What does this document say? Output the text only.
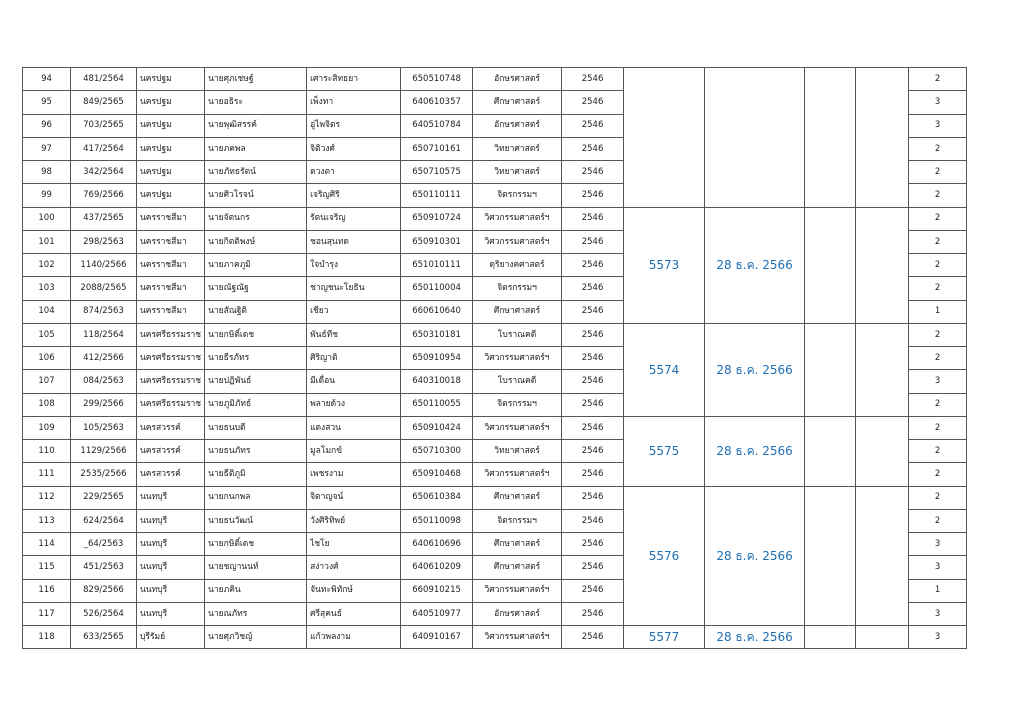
94	481/2564	นครปฐม	นายศุภเชษฐ์	เศาระสิทธยา	650510748	อักษรศาสตร์	2546					2
95	849/2565	นครปฐม	นายอธิระ	เพ็งทา	640610357	ศึกษาศาสตร์	2546					3
96	703/2565	นครปฐม	นายพุฒิสรรค์	อู่ไพจิตร	640510784	อักษรศาสตร์	2546					3
97	417/2564	นครปฐม	นายภคพล	จิติวงศ์	650710161	วิทยาศาสตร์	2546					2
98	342/2564	นครปฐม	นายภัทธรัตน์	ดวงตา	650710575	วิทยาศาสตร์	2546					2
99	769/2566	นครปฐม	นายศิวโรจน์	เจริญศิริ	650110111	จิตรกรรมฯ	2546					2
100	437/2565	นครราชสีมา	นายจัตนกร	รัตนเจริญ	650910724	วิศวกรรมศาสตร์ฯ	2546	5573	28 ธ.ค. 2566			2
101	298/2563	นครราชสีมา	นายกิตติพงษ์	ชอนสุนทด	650910301	วิศวกรรมศาสตร์ฯ	2546					2
102	1140/2566	นครราชสีมา	นายภาคภูมิ	ใจบำรุง	651010111	ดุริยางคศาสตร์	2546					2
103	2088/2565	นครราชสีมา	นายณัฐณัฐ	ชาญชนะโยธิน	650110004	จิตรกรรมฯ	2546					2
104	874/2563	นครราชสีมา	นายสัณฐิติ	เชียว	660610640	ศึกษาศาสตร์	2546					1
105	118/2564	นครศรีธรรมราช	นายกษิติ์เดช	พันธ์ทีช	650310181	โบราณคดี	2546	5574	28 ธ.ค. 2566			2
106	412/2566	นครศรีธรรมราช	นายธีรภัทร	ศิริญาติ	650910954	วิศวกรรมศาสตร์ฯ	2546					2
107	084/2563	นครศรีธรรมราช	นายปฏิพันธ์	มีเดื่อน	640310018	โบราณคดี	2546					3
108	299/2566	นครศรีธรรมราช	นายภูมิภัทธ์	พลายด้วง	650110055	จิตรกรรมฯ	2546					2
109	105/2563	นครสวรรค์	นายธนบดี	แตงสวน	650910424	วิศวกรรมศาสตร์ฯ	2546	5575	28 ธ.ค. 2566			2
110	1129/2566	นครสวรรค์	นายธนภัทร	มูลโมกข์	650710300	วิทยาศาสตร์	2546					2
111	2535/2566	นครสวรรค์	นายธีติภูมิ	เพชรงาม	650910468	วิศวกรรมศาสตร์ฯ	2546					2
112	229/2565	นนทบุรี	นายกนกพล	จิตาญจน์	650610384	ศึกษาศาสตร์	2546	5576	28 ธ.ค. 2566			2
113	624/2564	นนทบุรี	นายธนวัฒน์	วังศิริทิพย์	650110098	จิตรกรรมฯ	2546					2
114	_64/2563	นนทบุรี	นายกษิติ์เดช	ไชโย	640610696	ศึกษาศาสตร์	2546					3
115	451/2563	นนทบุรี	นายชญานนท์	สง่าวงศ์	640610209	ศึกษาศาสตร์	2546					3
116	829/2566	นนทบุรี	นายภคิน	จันทะพิทักษ์	660910215	วิศวกรรมศาสตร์ฯ	2546					1
117	526/2564	นนทบุรี	นายณภัทร	ศรีสุคนธ์	640510977	อักษรศาสตร์	2546					3
118	633/2565	บุรีรัมย์	นายศุภวิชญ์	แก้วพลงาม	640910167	วิศวกรรมศาสตร์ฯ	2546	5577	28 ธ.ค. 2566			3
